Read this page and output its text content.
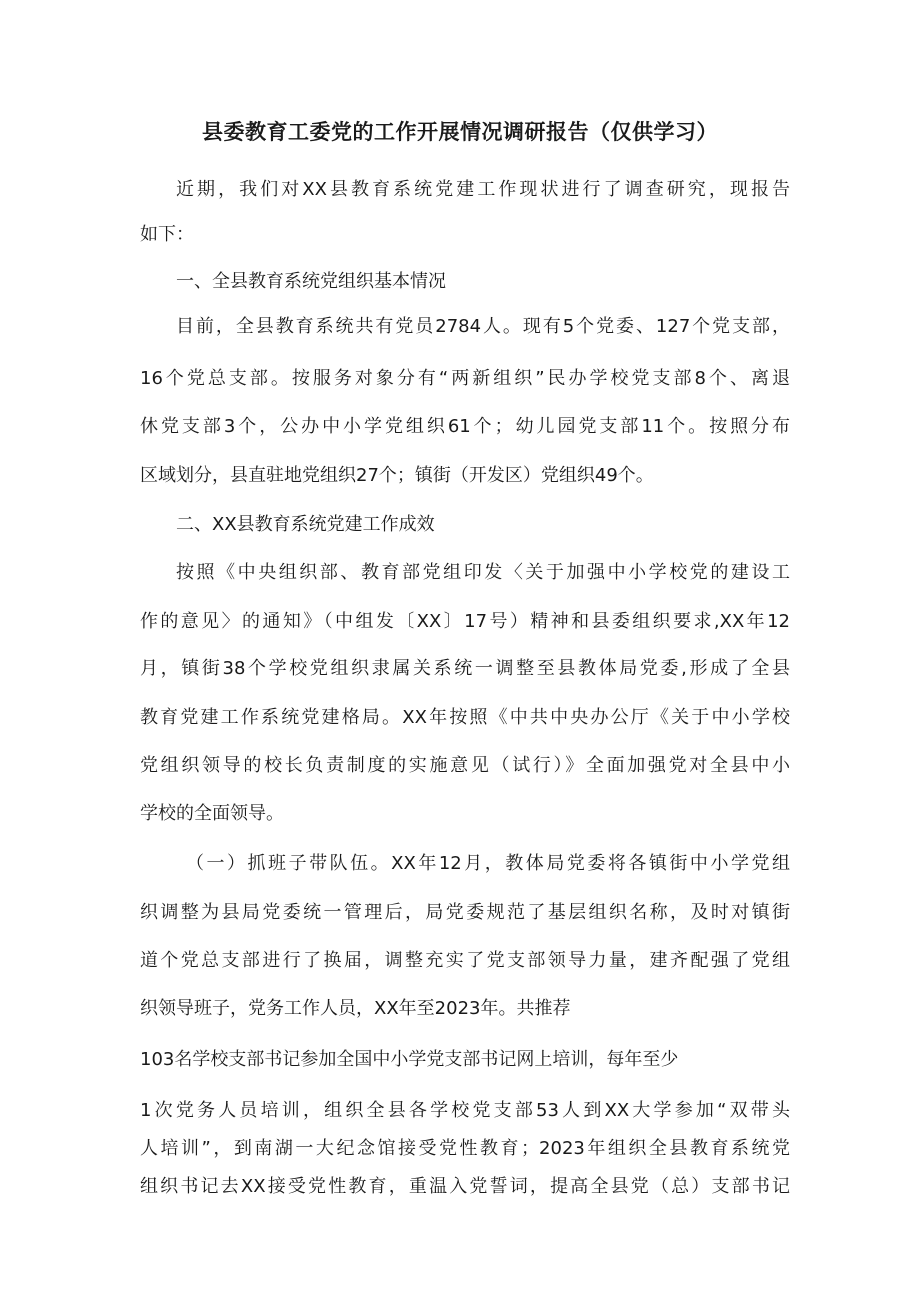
县委教育工委党的工作开展情况调研报告（仅供学习）
近期，我们对XX县教育系统党建工作现状进行了调查研究，现报告
如下：
一、全县教育系统党组织基本情况
目前，全县教育系统共有党员2784人。现有5个党委、127个党支部，
16个党总支部。按服务对象分有“两新组织”民办学校党支部8个、离退
休党支部3个，公办中小学党组织61个；幼儿园党支部11个。按照分布
区域划分，县直驻地党组织27个；镇街（开发区）党组织49个。
二、XX县教育系统党建工作成效
按照《中央组织部、教育部党组印发〈关于加强中小学校党的建设工
作的意见〉的通知》（中组发〔XX〕17号）精神和县委组织要求,XX年12
月，镇街38个学校党组织隶属关系统一调整至县教体局党委,形成了全县
教育党建工作系统党建格局。XX年按照《中共中央办公厅《关于中小学校
党组织领导的校长负责制度的实施意见（试行）》全面加强党对全县中小
学校的全面领导。
（一）抓班子带队伍。XX年12月，教体局党委将各镇街中小学党组
织调整为县局党委统一管理后，局党委规范了基层组织名称，及时对镇街
道个党总支部进行了换届，调整充实了党支部领导力量，建齐配强了党组
织领导班子，党务工作人员，XX年至2023年。共推荐
103名学校支部书记参加全国中小学党支部书记网上培训，每年至少
1次党务人员培训，组织全县各学校党支部53人到XX大学参加“双带头
人培训”，到南湖一大纪念馆接受党性教育；2023年组织全县教育系统党
组织书记去XX接受党性教育，重温入党誓词，提高全县党（总）支部书记
